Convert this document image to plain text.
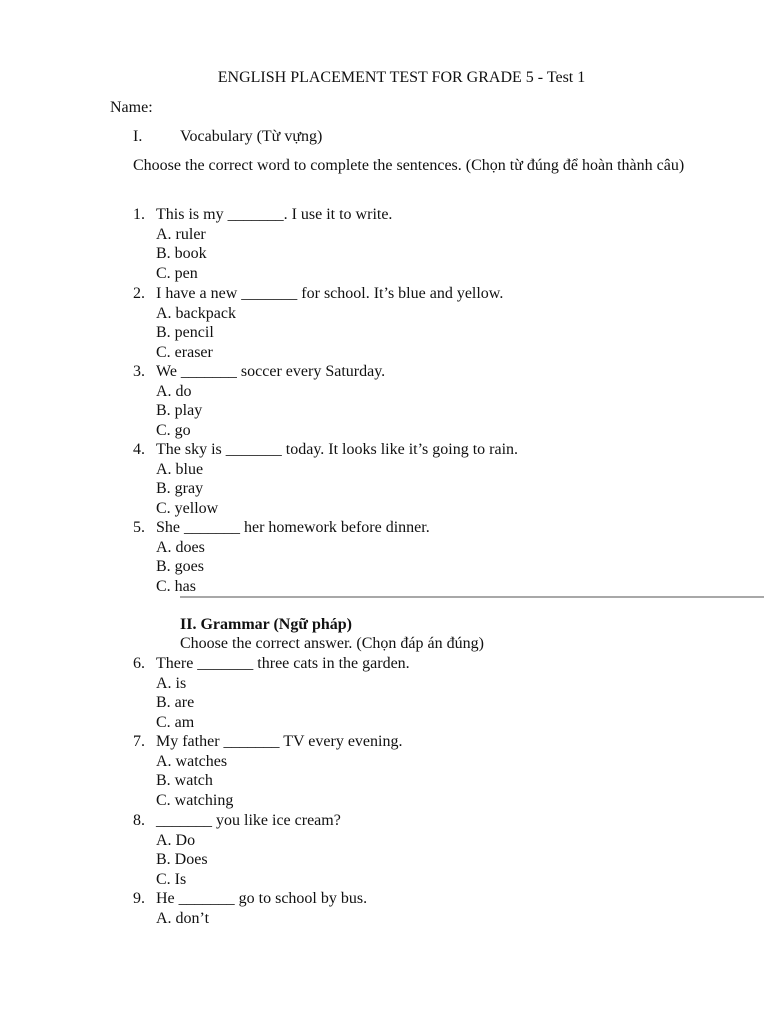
ENGLISH PLACEMENT TEST FOR GRADE 5 - Test 1
Name:
I. Vocabulary (Từ vựng)
Choose the correct word to complete the sentences. (Chọn từ đúng để hoàn thành câu)
1. This is my _______. I use it to write.
A. ruler
B. book
C. pen
2. I have a new _______ for school. It’s blue and yellow.
A. backpack
B. pencil
C. eraser
3. We _______ soccer every Saturday.
A. do
B. play
C. go
4. The sky is _______ today. It looks like it’s going to rain.
A. blue
B. gray
C. yellow
5. She _______ her homework before dinner.
A. does
B. goes
C. has
II. Grammar (Ngữ pháp)
Choose the correct answer. (Chọn đáp án đúng)
6. There _______ three cats in the garden.
A. is
B. are
C. am
7. My father _______ TV every evening.
A. watches
B. watch
C. watching
8. _______ you like ice cream?
A. Do
B. Does
C. Is
9. He _______ go to school by bus.
A. don’t
